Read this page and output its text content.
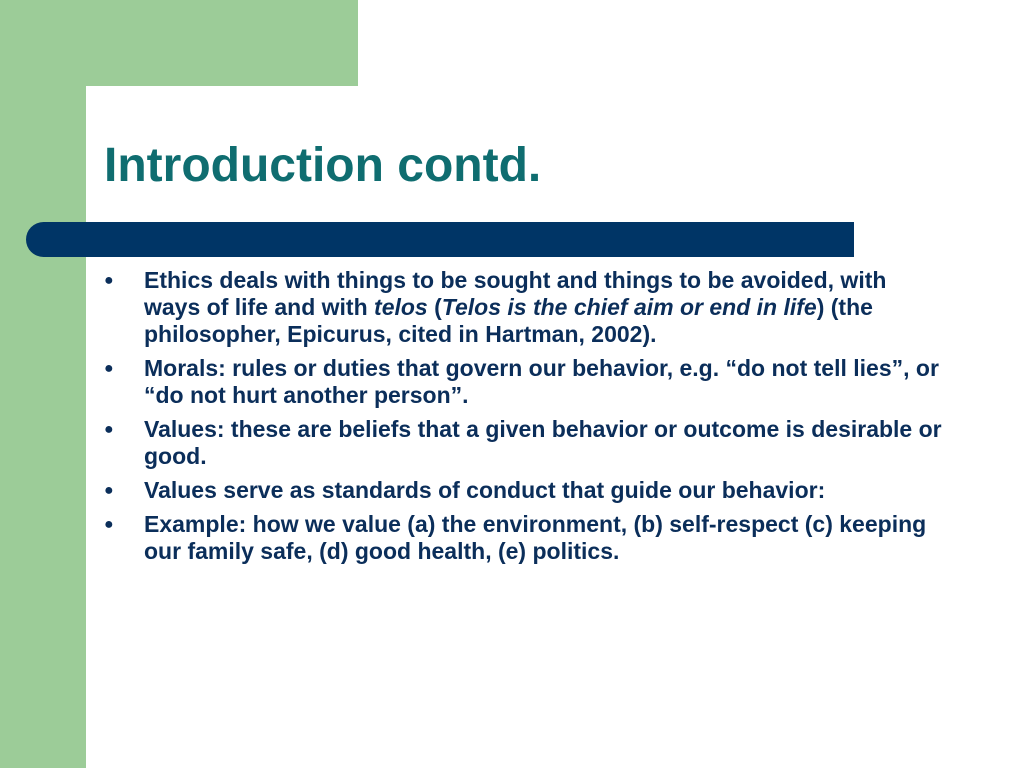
Introduction contd.
● Ethics deals with things to be sought and things to be avoided, with ways of life and with telos (Telos is the chief aim or end in life) (the philosopher, Epicurus, cited in Hartman, 2002).
● Morals: rules or duties that govern our behavior, e.g. “do not tell lies”, or “do not hurt another person”.
● Values: these are beliefs that a given behavior or outcome is desirable or good.
● Values serve as standards of conduct that guide our behavior:
● Example: how we value (a) the environment, (b) self-respect (c) keeping our family safe, (d) good health, (e) politics.
